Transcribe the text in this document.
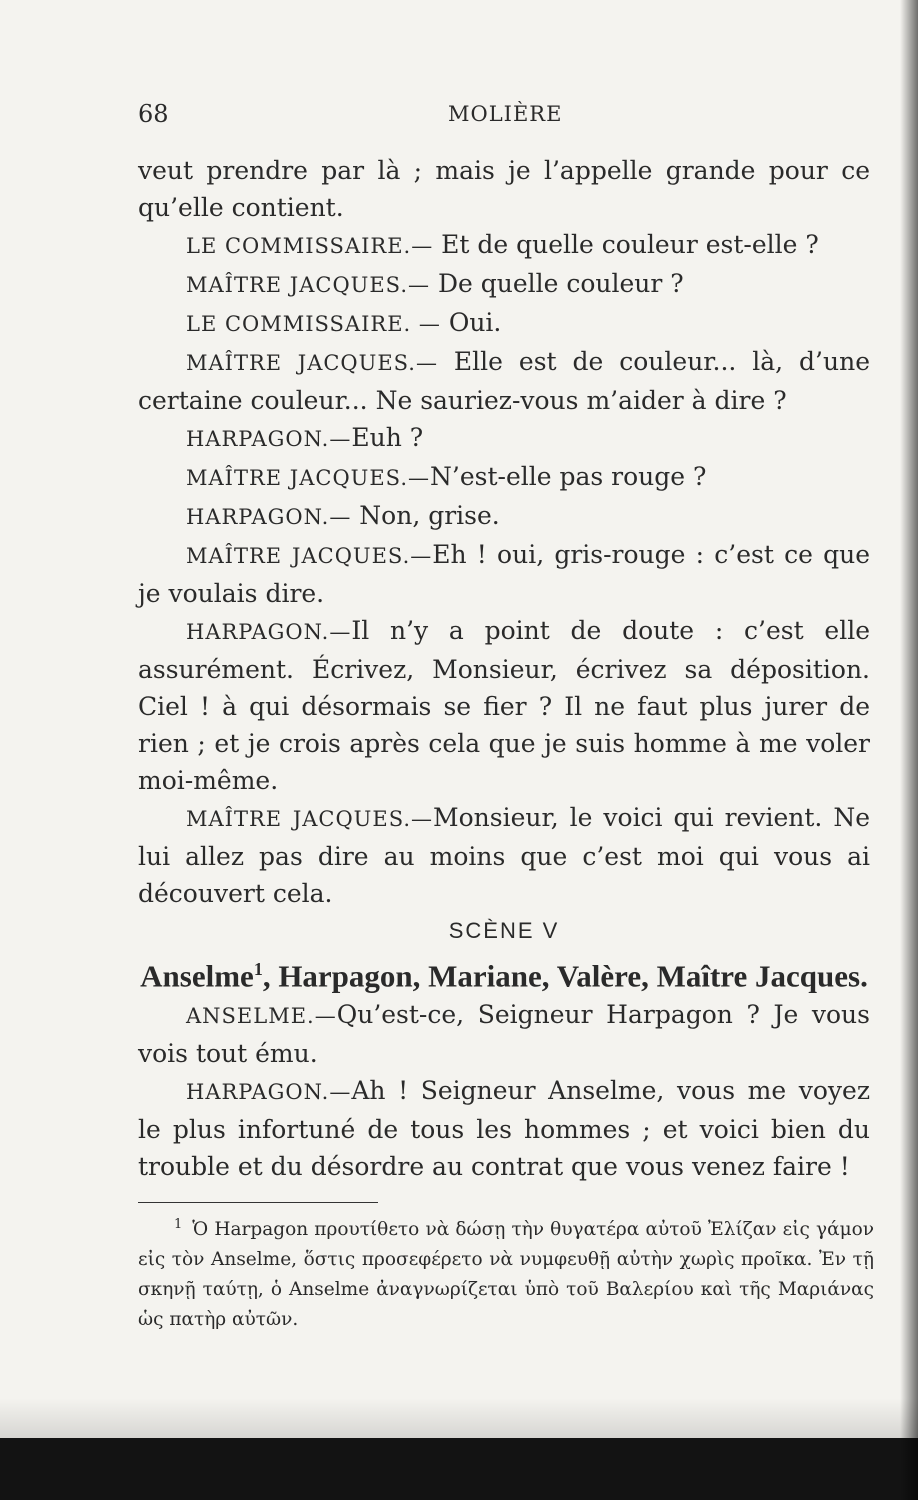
68	MOLIÈRE

veut prendre par là ; mais je l’appelle grande pour ce qu’elle contient.

LE COMMISSAIRE.— Et de quelle couleur est-elle ?

MAÎTRE JACQUES.— De quelle couleur ?

LE COMMISSAIRE. — Oui.

MAÎTRE JACQUES.— Elle est de couleur... là, d’une certaine couleur... Ne sauriez-vous m’aider à dire ?

HARPAGON.—Euh ?

MAÎTRE JACQUES.—N’est-elle pas rouge ?

HARPAGON.— Non, grise.

MAÎTRE JACQUES.—Eh ! oui, gris-rouge : c’est ce que je voulais dire.

HARPAGON.—Il n’y a point de doute : c’est elle assurément. Écrivez, Monsieur, écrivez sa déposition. Ciel ! à qui désormais se fier ? Il ne faut plus jurer de rien ; et je crois après cela que je suis homme à me voler moi-même.

MAÎTRE JACQUES.—Monsieur, le voici qui revient. Ne lui allez pas dire au moins que c’est moi qui vous ai découvert cela.

SCÈNE V

Anselme$^1$, Harpagon, Mariane, Valère, Maître Jacques.

ANSELME.—Qu’est-ce, Seigneur Harpagon ? Je vous vois tout ému.

HARPAGON.—Ah ! Seigneur Anselme, vous me voyez le plus infortuné de tous les hommes ; et voici bien du trouble et du désordre au contrat que vous venez faire !

$^1$ Ὁ Harpagon προυτίθετο νὰ δώσῃ τὴν θυγατέρα αὐτοῦ Ἐλίζαν εἰς γάμον εἰς τὸν Anselme, ὅστις προσεφέρετο νὰ νυμφευθῇ αὐτὴν χωρὶς προῖκα. Ἐν τῇ σκηνῇ ταύτῃ, ὁ Anselme ἀναγνωρίζεται ὑπὸ τοῦ Βαλερίου καὶ τῆς Μαριάνας ὡς πατὴρ αὐτῶν.
